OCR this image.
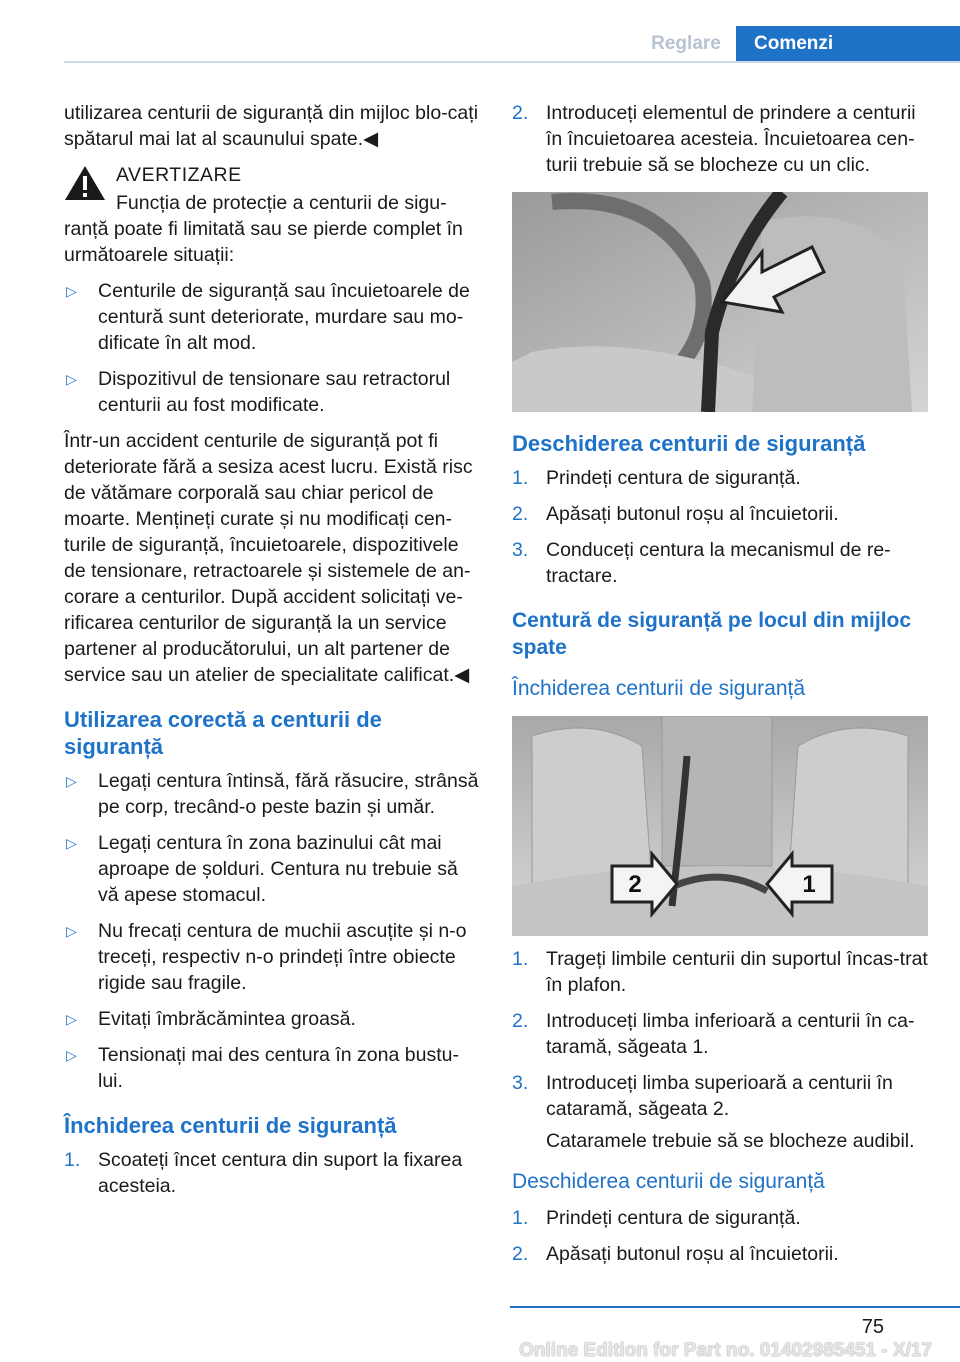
Reglare	Comenzi

utilizarea centurii de siguranță din mijloc blo-cați spătarul mai lat al scaunului spate.◀

AVERTIZARE

Funcția de protecție a centurii de sigu-ranță poate fi limitată sau se pierde complet în următoarele situații:

▷ Centurile de siguranță sau încuietoarele de centură sunt deteriorate, murdare sau mo-dificate în alt mod.
▷ Dispozitivul de tensionare sau retractorul centurii au fost modificate.

Într-un accident centurile de siguranță pot fi deteriorate fără a sesiza acest lucru. Există risc de vătămare corporală sau chiar pericol de moarte. Mențineți curate și nu modificați cen-turile de siguranță, încuietoarele, dispozitivele de tensionare, retractoarele și sistemele de an-corare a centurilor. După accident solicitați ve-rificarea centurilor de siguranță la un service partener al producătorului, un alt partener de service sau un atelier de specialitate calificat.◀

Utilizarea corectă a centurii de siguranță
▷ Legați centura întinsă, fără răsucire, strânsă pe corp, trecând-o peste bazin și umăr.
▷ Legați centura în zona bazinului cât mai aproape de șolduri. Centura nu trebuie să vă apese stomacul.
▷ Nu frecați centura de muchii ascuțite și n-o treceți, respectiv n-o prindeți între obiecte rigide sau fragile.
▷ Evitați îmbrăcămintea groasă.
▷ Tensionați mai des centura în zona bustu-lui.
Închiderea centurii de siguranță
1. Scoateți încet centura din suport la fixarea acesteia.
2. Introduceți elementul de prindere a centurii în încuietoarea acesteia. Încuietoarea cen-turii trebuie să se blocheze cu un clic.
Deschiderea centurii de siguranță
1. Prindeți centura de siguranță.
2. Apăsați butonul roșu al încuietorii.
3. Conduceți centura la mecanismul de re-tractare.
Centură de siguranță pe locul din mijloc spate
Închiderea centurii de siguranță
2	1
1. Trageți limbile centurii din suportul încas-trat în plafon.
2. Introduceți limba inferioară a centurii în ca-taramă, săgeata 1.
3. Introduceți limba superioară a centurii în cataramă, săgeata 2.

Cataramele trebuie să se blocheze audibil.

Deschiderea centurii de siguranță
1. Prindeți centura de siguranță.
2. Apăsați butonul roșu al încuietorii.
75
Online Edition for Part no. 01402985451 - X/17
